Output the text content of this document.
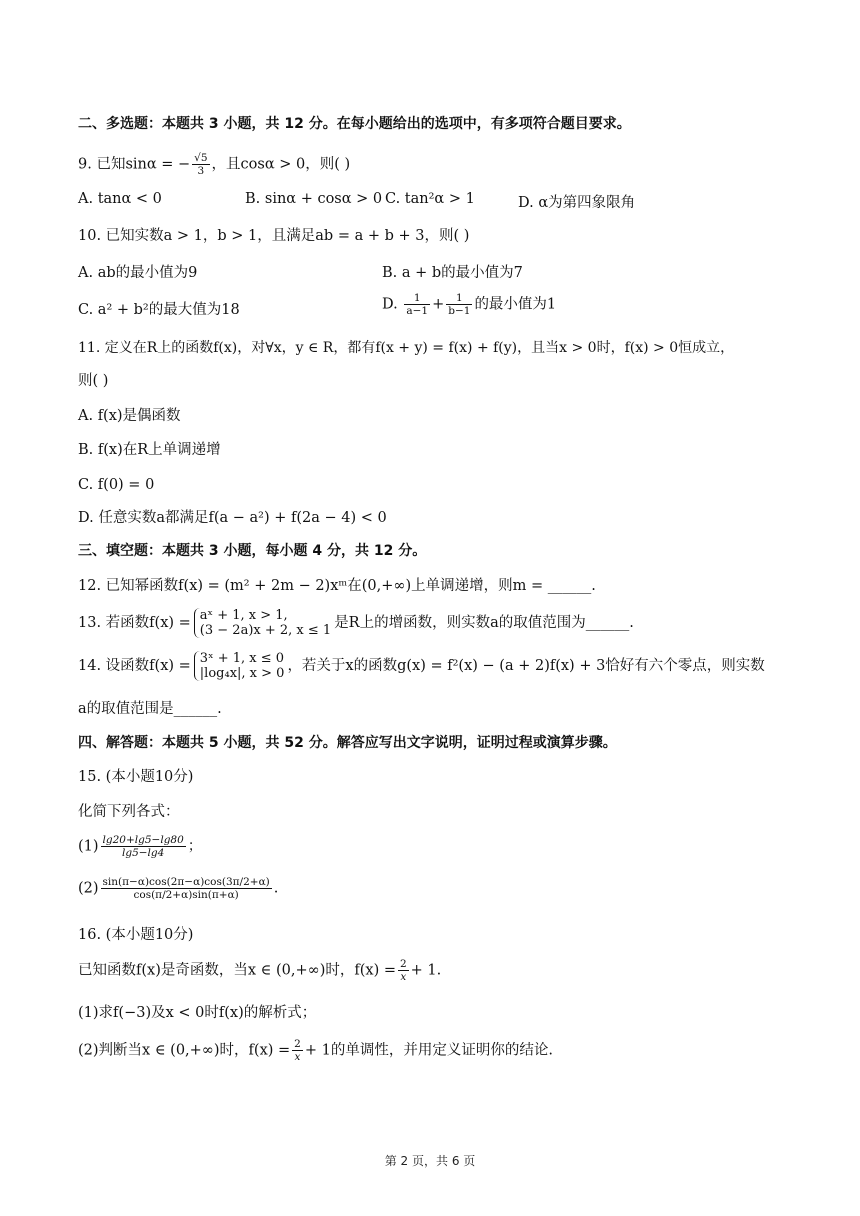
二、多选题：本题共 3 小题，共 12 分。在每小题给出的选项中，有多项符合题目要求。
9. 已知sinα = − $\frac{√5}{3}$ ，且cosα > 0，则( )
A. tanα < 0	B. sinα + cosα > 0 C. tan²α > 1	D. α为第四象限角
10. 已知实数a > 1，b > 1，且满足ab = a + b + 3，则( )
A. ab的最小值为9	B. a + b的最小值为7
C. a² + b²的最大值为18	D. $\frac{1}{a-1} + \frac{1}{b-1}$ 的最小值为1
11. 定义在R上的函数f(x)，对∀x，y ∈ R，都有f(x + y) = f(x) + f(y)，且当x > 0时，f(x) > 0恒成立，
则( )
A. f(x)是偶函数
B. f(x)在R上单调递增
C. f(0) = 0
D. 任意实数a都满足f(a − a²) + f(2a − 4) < 0
三、填空题：本题共 3 小题，每小题 4 分，共 12 分。
12. 已知幂函数f(x) = (m² + 2m − 2)xᵐ在(0,+∞)上单调递增，则m = ______.
13. 若函数f(x) = aˣ + 1, x > 1,
(3 − 2a)x + 2, x ≤ 1 是R上的增函数，则实数a的取值范围为______.
14. 设函数f(x) = 3ˣ + 1, x ≤ 0
|log₄x|, x > 0 ，若关于x的函数g(x) = f²(x) − (a + 2)f(x) + 3恰好有六个零点，则实数
a的取值范围是______.
四、解答题：本题共 5 小题，共 52 分。解答应写出文字说明，证明过程或演算步骤。
15. (本小题10分)
化简下列各式：
$(1) \frac{\lg 20+\lg 5-\lg 80}{\lg 5-\lg 4}$ ；
$(2) \frac{\sin(\pi-\alpha)\cos(2\pi-\alpha)\cos(3\pi/2+\alpha)}{\cos(\pi/2+\alpha)\sin(\pi+\alpha)}$ .
16. (本小题10分)
已知函数f(x)是奇函数，当x ∈ (0,+∞)时，$f(x) = \frac{2}{x} + 1$.
(1)求f(−3)及x < 0时f(x)的解析式；
(2)判断当x ∈ (0,+∞)时，$f(x) = \frac{2}{x} + 1$的单调性，并用定义证明你的结论.
第 2 页，共 6 页
